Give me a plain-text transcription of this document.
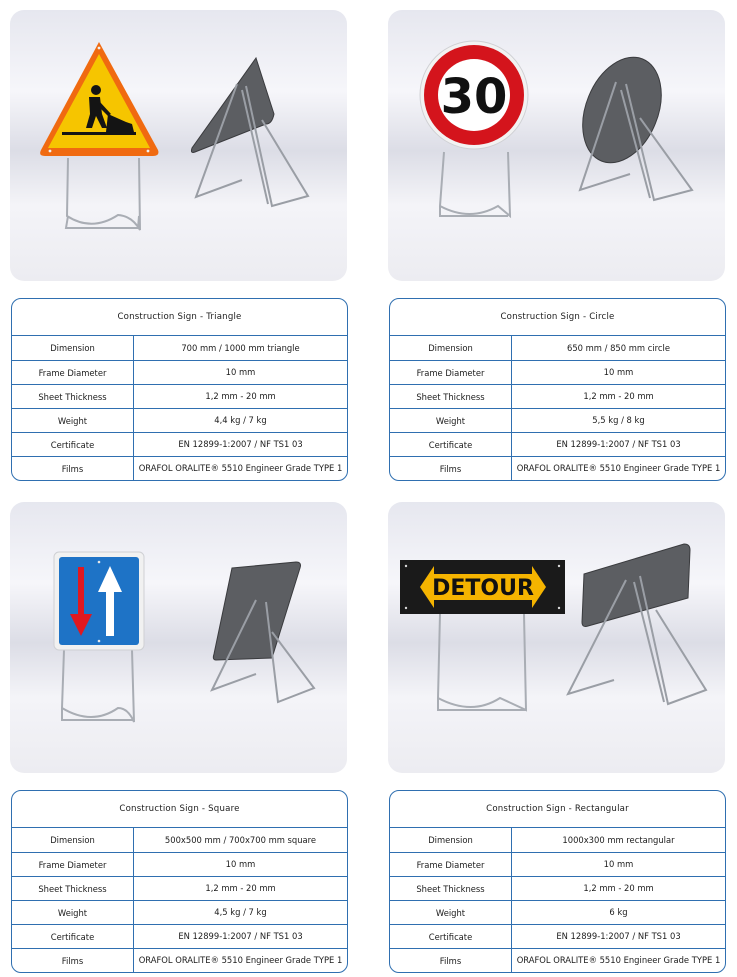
Construction Sign - Triangle
Dimension	700 mm / 1000 mm triangle
Frame Diameter	10 mm
Sheet Thickness	1,2 mm - 20 mm
Weight	4,4 kg / 7 kg
Certificate	EN 12899-1:2007 / NF TS1 03
Films	ORAFOL ORALITE® 5510 Engineer Grade TYPE 1
30
Construction Sign - Circle
Dimension	650 mm / 850 mm circle
Frame Diameter	10 mm
Sheet Thickness	1,2 mm - 20 mm
Weight	5,5 kg / 8 kg
Certificate	EN 12899-1:2007 / NF TS1 03
Films	ORAFOL ORALITE® 5510 Engineer Grade TYPE 1
Construction Sign - Square
Dimension	500x500 mm / 700x700 mm square
Frame Diameter	10 mm
Sheet Thickness	1,2 mm - 20 mm
Weight	4,5 kg / 7 kg
Certificate	EN 12899-1:2007 / NF TS1 03
Films	ORAFOL ORALITE® 5510 Engineer Grade TYPE 1
DETOUR
Construction Sign - Rectangular
Dimension	1000x300 mm rectangular
Frame Diameter	10 mm
Sheet Thickness	1,2 mm - 20 mm
Weight	6 kg
Certificate	EN 12899-1:2007 / NF TS1 03
Films	ORAFOL ORALITE® 5510 Engineer Grade TYPE 1
